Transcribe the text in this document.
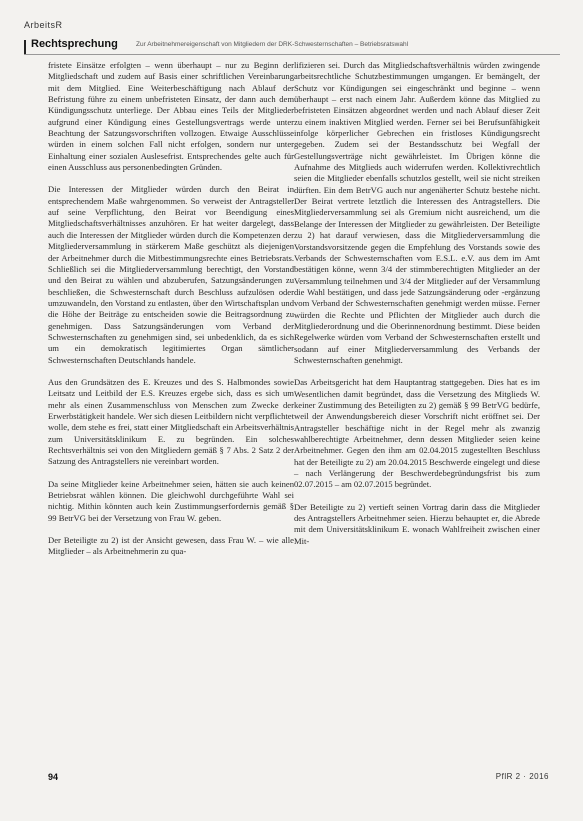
ArbeitsR
Rechtsprechung	Zur Arbeitnehmereigenschaft von Mitgliedern der DRK-Schwesternschaften – Betriebsratswahl

fristete Einsätze erfolgten – wenn überhaupt – nur zu Beginn der Mitgliedschaft und zudem auf Basis einer schriftlichen Vereinbarung mit dem Mitglied. Eine Weiterbeschäftigung nach Ablauf der Befristung führe zu einem unbefristeten Einsatz, der dann auch dem Kündigungsschutz unterliege. Der Abbau eines Teils der Mitglieder aufgrund einer Kündigung eines Gestellungsvertrags werde unter Beachtung der Satzungsvorschriften vollzogen. Etwaige Ausschlüsse würden in einem solchen Fall nicht erfolgen, sondern nur unter Einhaltung einer sozialen Auslesefrist. Entsprechendes gelte auch für einen Ausschluss aus personenbedingten Gründen.

Die Interessen der Mitglieder würden durch den Beirat in entsprechendem Maße wahrgenommen. So verweist der Antragsteller auf seine Verpflichtung, den Beirat vor Beendigung eines Mitgliedschaftsverhältnisses anzuhören. Er hat weiter dargelegt, dass auch die Interessen der Mitglieder würden durch die Kompetenzen der Mitgliederversammlung in stärkerem Maße geschützt als diejenigen der Arbeitnehmer durch die Mitbestimmungsrechte eines Betriebsrats. Schließlich sei die Mitgliederversammlung berechtigt, den Vorstand und den Beirat zu wählen und abzuberufen, Satzungsänderungen zu beschließen, die Schwesternschaft durch Beschluss aufzulösen oder umzuwandeln, den Vorstand zu entlasten, über den Wirtschaftsplan und die Höhe der Beiträge zu entscheiden sowie die Beitragsordnung zu genehmigen. Dass Satzungsänderungen vom Verband der Schwesternschaften zu genehmigen sind, sei unbedenklich, da es sich um ein demokratisch legitimiertes Organ sämtlicher Schwesternschaften Deutschlands handele.

Aus den Grundsätzen des E. Kreuzes und des S. Halbmondes sowie Leitsatz und Leitbild der E.S. Kreuzes ergebe sich, dass es sich um mehr als einen Zusammenschluss von Menschen zum Zwecke der Erwerbstätigkeit handele. Wer sich diesen Leitbildern nicht verpflichtet wolle, dem stehe es frei, statt einer Mitgliedschaft ein Arbeitsverhältnis zum Universitätsklinikum E. zu begründen. Ein solches Rechtsverhältnis sei von den Mitgliedern gemäß § 7 Abs. 2 Satz 2 der Satzung des Antragstellers nie vereinbart worden.

Da seine Mitglieder keine Arbeitnehmer seien, hätten sie auch keinen Betriebsrat wählen können. Die gleichwohl durchgeführte Wahl sei nichtig. Mithin könnten auch kein Zustimmungserfordernis gemäß § 99 BetrVG bei der Versetzung von Frau W. geben.

Der Beteiligte zu 2) ist der Ansicht gewesen, dass Frau W. – wie alle Mitglieder – als Arbeitnehmerin zu qua-

lifizieren sei. Durch das Mitgliedschaftsverhältnis würden zwingende arbeitsrechtliche Schutzbestimmungen umgangen. Er bemängelt, der Schutz vor Kündigungen sei eingeschränkt und beginne – wenn überhaupt – erst nach einem Jahr. Außerdem könne das Mitglied zu befristeten Einsätzen abgeordnet werden und nach Ablauf dieser Zeit zu einem inaktiven Mitglied werden. Ferner sei bei Berufsunfähigkeit infolge körperlicher Gebrechen ein fristloses Kündigungsrecht gegeben. Zudem sei der Bestandsschutz bei Wegfall der Gestellungsverträge nicht gewährleistet. Im Übrigen könne die Aufnahme des Mitglieds auch widerrufen werden. Kollektivrechtlich seien die Mitglieder ebenfalls schutzlos gestellt, weil sie nicht streiken dürften. Ein dem BetrVG auch nur angenäherter Schutz bestehe nicht. Der Beirat vertrete letztlich die Interessen des Antragstellers. Die Mitgliederversammlung sei als Gremium nicht ausreichend, um die Belange der Interessen der Mitglieder zu gewährleisten. Der Beteiligte zu 2) hat darauf verwiesen, dass die Mitgliederversammlung die Vorstandsvorsitzende gegen die Empfehlung des Vorstands sowie des Verbands der Schwesternschaften vom E.S.L. e.V. aus dem im Amt bestätigen könne, wenn 3/4 der stimmberechtigten Mitglieder an der Versammlung teilnehmen und 3/4 der Mitglieder auf der Versammlung die Wahl bestätigen, und dass jede Satzungsänderung oder -ergänzung vom Verband der Schwesternschaften genehmigt werden müsse. Ferner würden die Rechte und Pflichten der Mitglieder auch durch die Mitgliederordnung und die Oberinnenordnung bestimmt. Diese beiden Regelwerke würden vom Verband der Schwesternschaften erstellt und sodann auf einer Mitgliederversammlung des Verbands der Schwesternschaften genehmigt.

Das Arbeitsgericht hat dem Hauptantrag stattgegeben. Dies hat es im Wesentlichen damit begründet, dass die Versetzung des Mitglieds W. keiner Zustimmung des Beteiligten zu 2) gemäß § 99 BetrVG bedürfe, weil der Anwendungsbereich dieser Vorschrift nicht eröffnet sei. Der Antragsteller beschäftige nicht in der Regel mehr als zwanzig wahlberechtigte Arbeitnehmer, denn dessen Mitglieder seien keine Arbeitnehmer. Gegen den ihm am 02.04.2015 zugestellten Beschluss hat der Beteiligte zu 2) am 20.04.2015 Beschwerde eingelegt und diese – nach Verlängerung der Beschwerdebegründungsfrist bis zum 02.07.2015 – am 02.07.2015 begründet.

Der Beteiligte zu 2) vertieft seinen Vortrag darin dass die Mitglieder des Antragstellers Arbeitnehmer seien. Hierzu behauptet er, die Abrede mit dem Universitätsklinikum E. wonach Wahlfreiheit zwischen einer Mit-

94	PflR 2 · 2016
